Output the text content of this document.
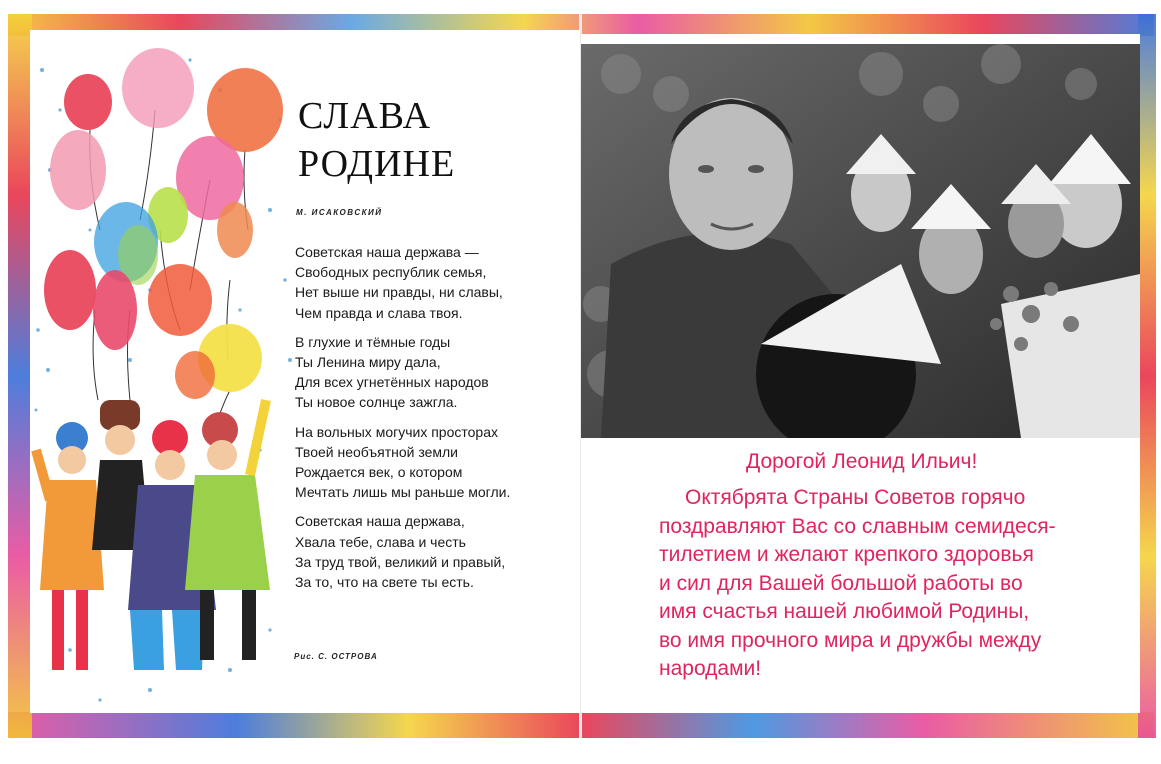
СЛАВА
РОДИНЕ
М. ИСАКОВСКИЙ
Советская наша держава —
Свободных республик семья,
Нет выше ни правды, ни славы,
Чем правда и слава твоя.
В глухие и тёмные годы
Ты Ленина миру дала,
Для всех угнетённых народов
Ты новое солнце зажгла.
На вольных могучих просторах
Твоей необъятной земли
Рождается век, о котором
Мечтать лишь мы раньше могли.
Советская наша держава,
Хвала тебе, слава и честь
За труд твой, великий и правый,
За то, что на свете ты есть.
Рис. С. ОСТРОВА
Дорогой Леонид Ильич!
Октябрята Страны Советов горячо
поздравляют Вас со славным семидеся-
тилетием и желают крепкого здоровья
и сил для Вашей большой работы во
имя счастья нашей любимой Родины,
во имя прочного мира и дружбы между
народами!
